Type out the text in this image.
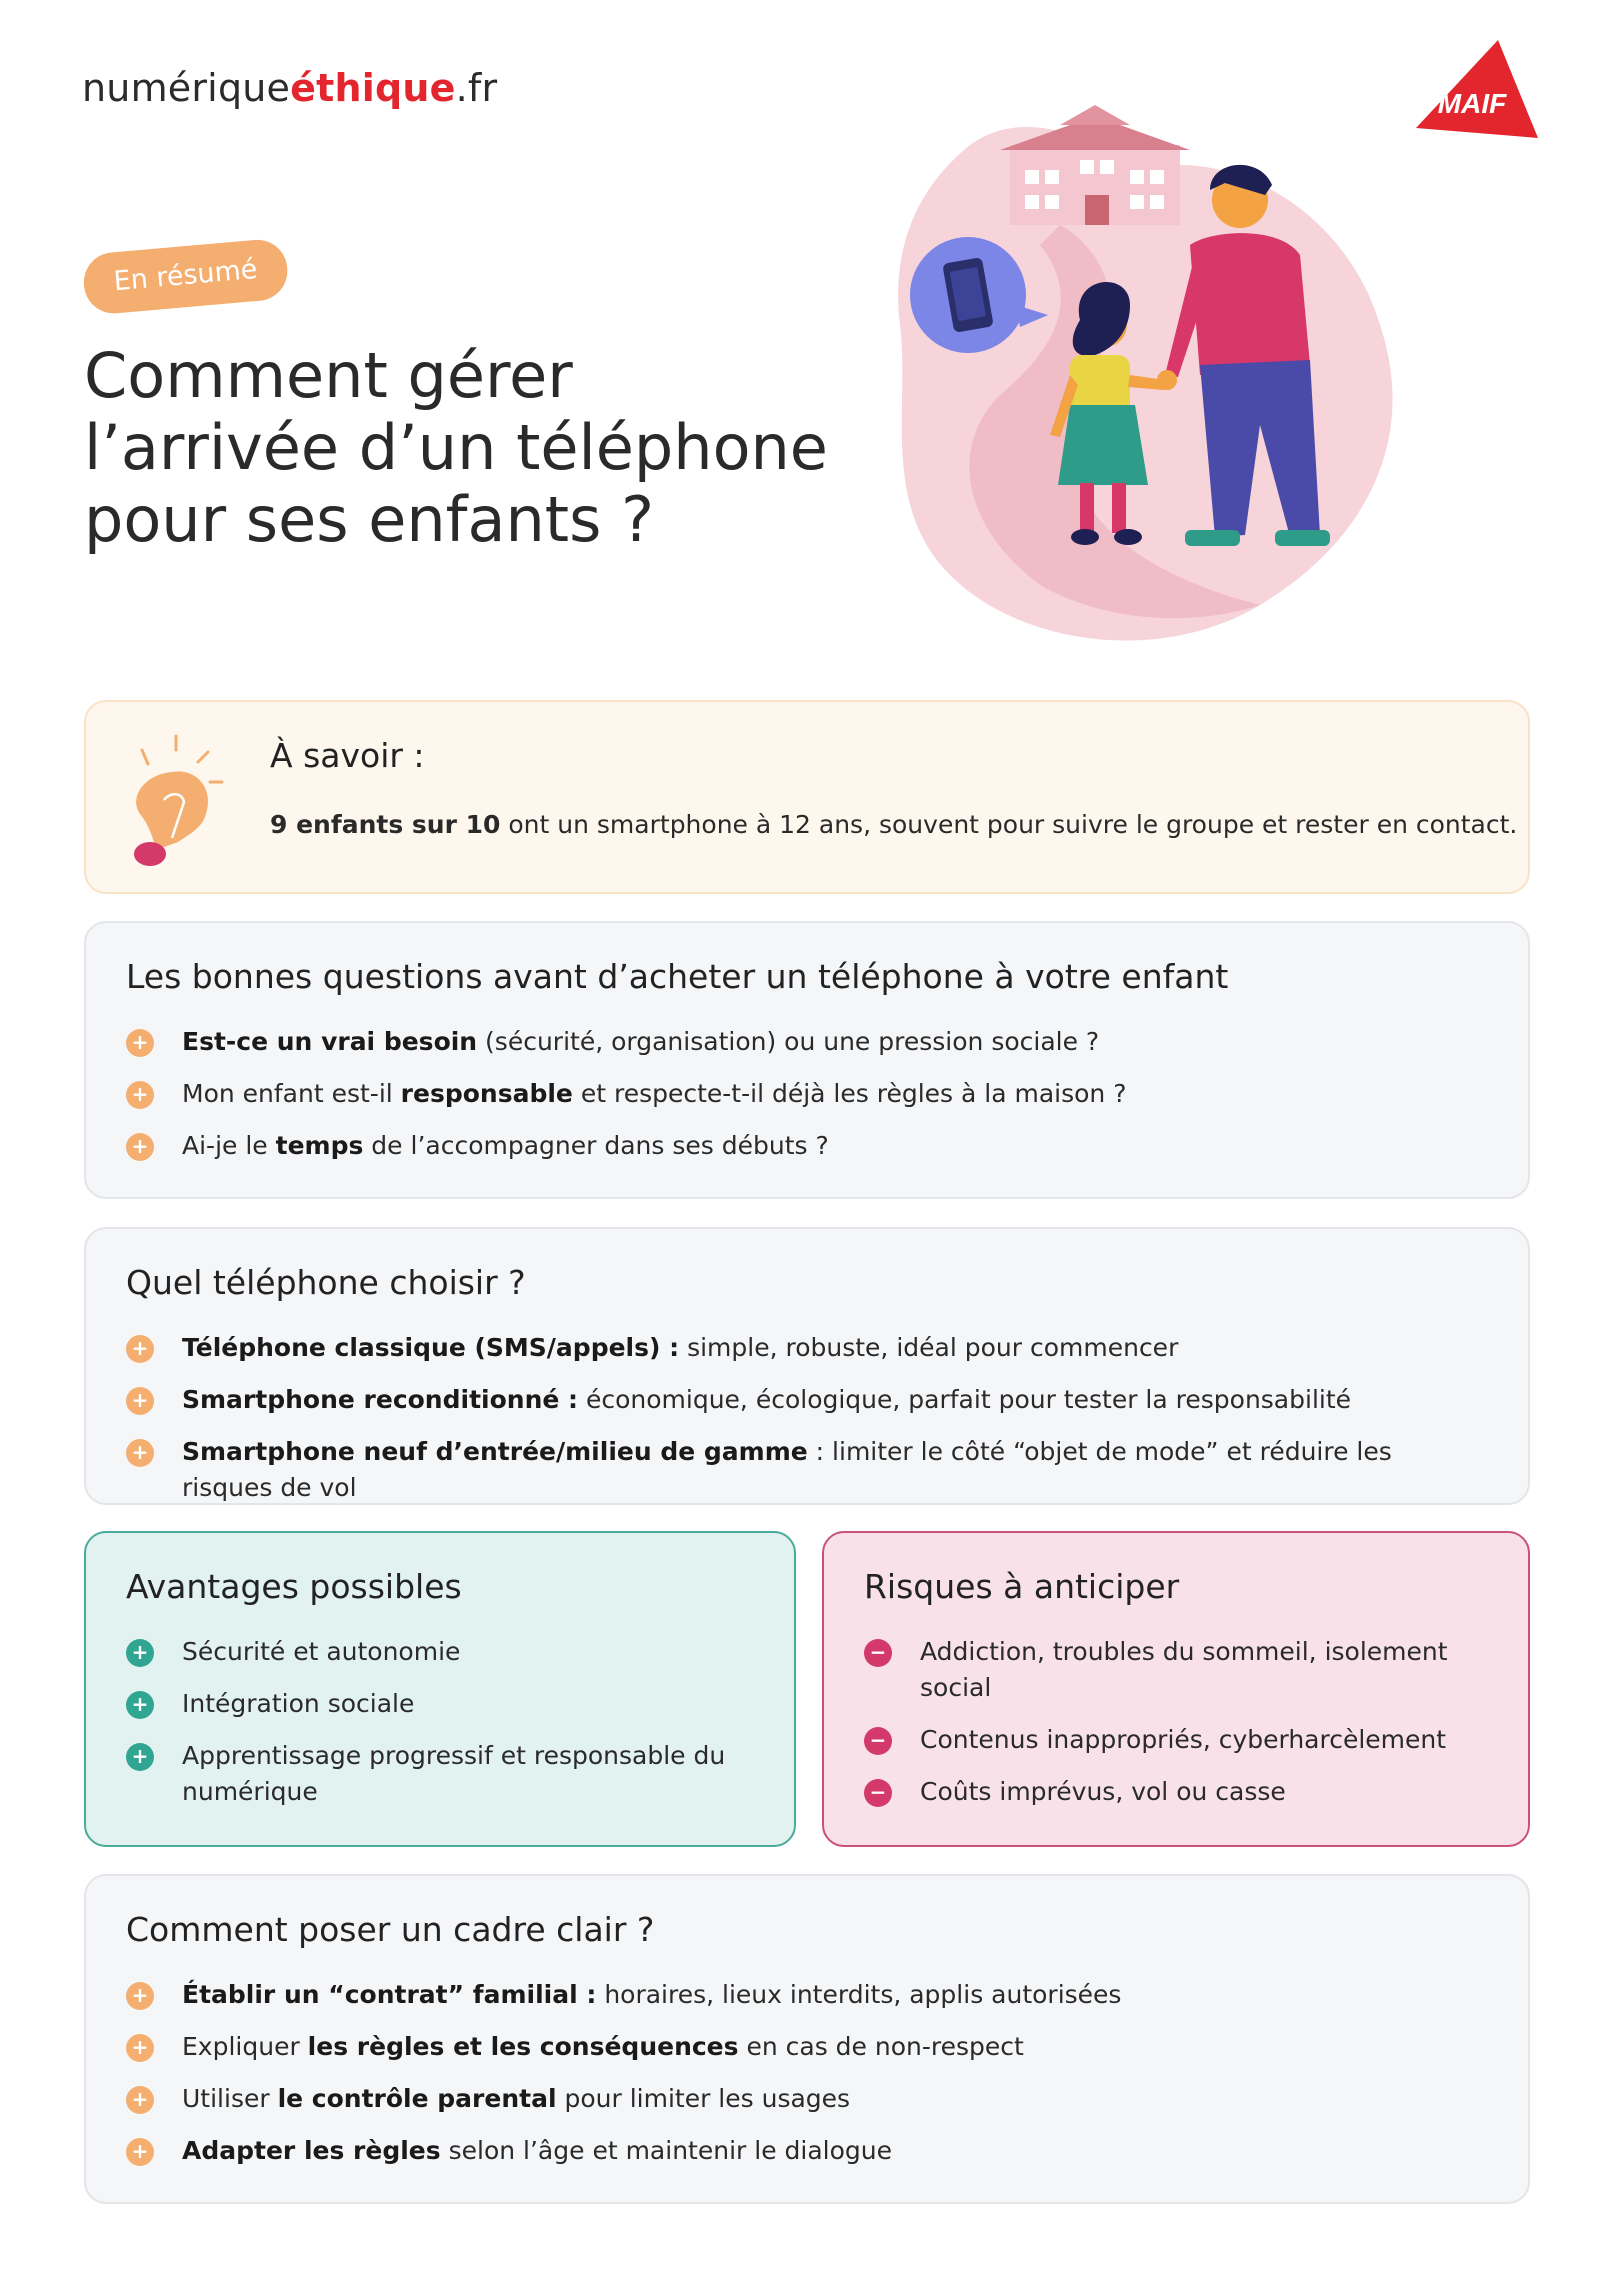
numériqueéthique.fr	MAIF
En résumé
Comment gérer l’arrivée d’un téléphone pour ses enfants ?
À savoir :

9 enfants sur 10 ont un smartphone à 12 ans, souvent pour suivre le groupe et rester en contact.

Les bonnes questions avant d’acheter un téléphone à votre enfant
+ Est-ce un vrai besoin (sécurité, organisation) ou une pression sociale ?
+ Mon enfant est-il responsable et respecte-t-il déjà les règles à la maison ?
+ Ai-je le temps de l’accompagner dans ses débuts ?
Quel téléphone choisir ?
+ Téléphone classique (SMS/appels) : simple, robuste, idéal pour commencer
+ Smartphone reconditionné : économique, écologique, parfait pour tester la responsabilité
+ Smartphone neuf d’entrée/milieu de gamme : limiter le côté “objet de mode” et réduire les risques de vol
Avantages possibles
+ Sécurité et autonomie
+ Intégration sociale
+ Apprentissage progressif et responsable du numérique
Risques à anticiper
− Addiction, troubles du sommeil, isolement social
− Contenus inappropriés, cyberharcèlement
− Coûts imprévus, vol ou casse
Comment poser un cadre clair ?
+ Établir un “contrat” familial : horaires, lieux interdits, applis autorisées
+ Expliquer les règles et les conséquences en cas de non-respect
+ Utiliser le contrôle parental pour limiter les usages
+ Adapter les règles selon l’âge et maintenir le dialogue
